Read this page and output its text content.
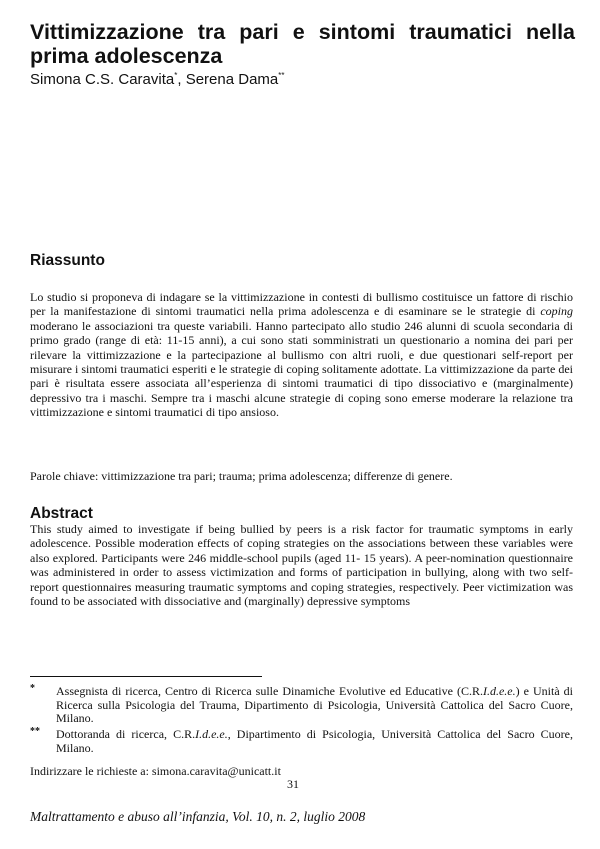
Vittimizzazione tra pari e sintomi traumatici nella prima adolescenza
Simona C.S. Caravita*, Serena Dama**
Riassunto

Lo studio si proponeva di indagare se la vittimizzazione in contesti di bullismo costituisce un fattore di rischio per la manifestazione di sintomi traumatici nella prima adolescenza e di esaminare se le strategie di coping moderano le associazioni tra queste variabili. Hanno partecipato allo studio 246 alunni di scuola secondaria di primo grado (range di età: 11-15 anni), a cui sono stati somministrati un questionario a nomina dei pari per rilevare la vittimizzazione e la partecipazione al bullismo con altri ruoli, e due questionari self-report per misurare i sintomi traumatici esperiti e le strategie di coping solitamente adottate. La vittimizzazione da parte dei pari è risultata essere associata all’esperienza di sintomi traumatici di tipo dissociativo e (marginalmente) depressivo tra i maschi. Sempre tra i maschi alcune strategie di coping sono emerse moderare la relazione tra vittimizzazione e sintomi traumatici di tipo ansioso.

Parole chiave: vittimizzazione tra pari; trauma; prima adolescenza; differenze di genere.

Abstract

This study aimed to investigate if being bullied by peers is a risk factor for traumatic symptoms in early adolescence. Possible moderation effects of coping strategies on the associations between these variables were also explored. Participants were 246 middle-school pupils (aged 11- 15 years). A peer-nomination questionnaire was administered in order to assess victimization and forms of participation in bullying, along with two self-report questionnaires measuring traumatic symptoms and coping strategies, respectively. Peer victimization was found to be associated with dissociative and (marginally) depressive symptoms

* Assegnista di ricerca, Centro di Ricerca sulle Dinamiche Evolutive ed Educative (C.R.I.d.e.e.) e Unità di Ricerca sulla Psicologia del Trauma, Dipartimento di Psicologia, Università Cattolica del Sacro Cuore, Milano.
** Dottoranda di ricerca, C.R.I.d.e.e., Dipartimento di Psicologia, Università Cattolica del Sacro Cuore, Milano.
Indirizzare le richieste a: simona.caravita@unicatt.it
31
Maltrattamento e abuso all’infanzia, Vol. 10, n. 2, luglio 2008
